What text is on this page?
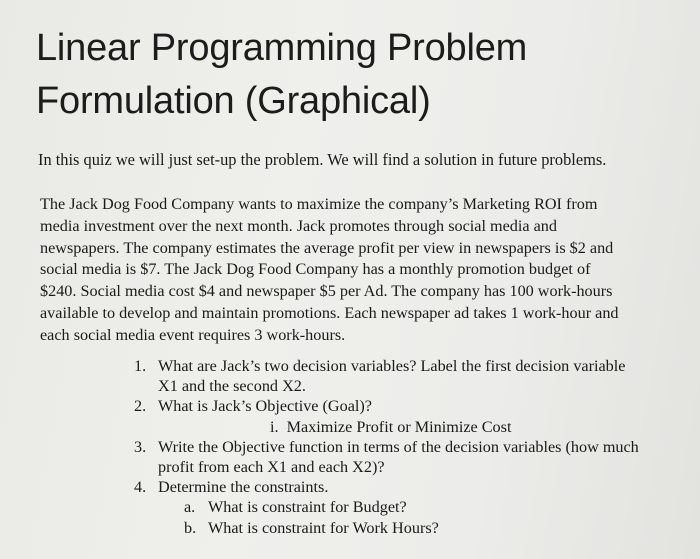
Linear Programming Problem
Formulation (Graphical)
In this quiz we will just set-up the problem. We will find a solution in future problems.
The Jack Dog Food Company wants to maximize the company’s Marketing ROI from
media investment over the next month. Jack promotes through social media and
newspapers. The company estimates the average profit per view in newspapers is $2 and
social media is $7. The Jack Dog Food Company has a monthly promotion budget of
$240. Social media cost $4 and newspaper $5 per Ad. The company has 100 work-hours
available to develop and maintain promotions. Each newspaper ad takes 1 work-hour and
each social media event requires 3 work-hours.
1. What are Jack’s two decision variables? Label the first decision variable
X1 and the second X2.
2. What is Jack’s Objective (Goal)?
i. Maximize Profit or Minimize Cost
3. Write the Objective function in terms of the decision variables (how much
profit from each X1 and each X2)?
4. Determine the constraints.
a. What is constraint for Budget?
b. What is constraint for Work Hours?
